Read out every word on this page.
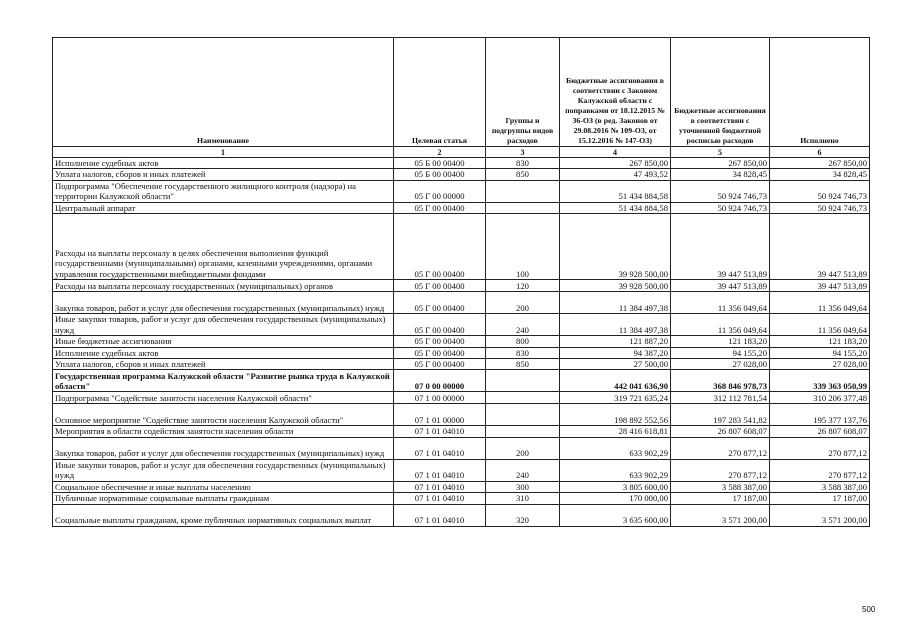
Наименование	Целевая статья	Группы и подгруппы видов расходов	Бюджетные ассигнования в соответствии с Законом Калужской области с поправками от 18.12.2015 № 36-ОЗ (в ред. Законов от 29.08.2016 № 109-ОЗ, от 15.12.2016 № 147-ОЗ)	Бюджетные ассигнования в соответствии с уточненной бюджетной росписью расходов	Исполнено
1	2	3	4	5	6
Исполнение судебных актов	05 Б 00 00400	830	267 850,00	267 850,00	267 850,00
Уплата налогов, сборов и иных платежей	05 Б 00 00400	850	47 493,52	34 828,45	34 828,45
Подпрограмма "Обеспечение государственного жилищного контроля (надзора) на территории Калужской области"	05 Г 00 00000		51 434 884,58	50 924 746,73	50 924 746,73
Центральный аппарат	05 Г 00 00400		51 434 884,58	50 924 746,73	50 924 746,73
Расходы на выплаты персоналу в целях обеспечения выполнения функций государственными (муниципальными) органами, казенными учреждениями, органами управления государственными внебюджетными фондами	05 Г 00 00400	100	39 928 500,00	39 447 513,89	39 447 513,89
Расходы на выплаты персоналу государственных (муниципальных) органов	05 Г 00 00400	120	39 928 500,00	39 447 513,89	39 447 513,89
Закупка товаров, работ и услуг для обеспечения государственных (муниципальных) нужд	05 Г 00 00400	200	11 384 497,38	11 356 049,64	11 356 049,64
Иные закупки товаров, работ и услуг для обеспечения государственных (муниципальных) нужд	05 Г 00 00400	240	11 384 497,38	11 356 049,64	11 356 049,64
Иные бюджетные ассигнования	05 Г 00 00400	800	121 887,20	121 183,20	121 183,20
Исполнение судебных актов	05 Г 00 00400	830	94 387,20	94 155,20	94 155,20
Уплата налогов, сборов и иных платежей	05 Г 00 00400	850	27 500,00	27 028,00	27 028,00
Государственная программа Калужской области "Развитие рынка труда в Калужской области"	07 0 00 00000		442 041 636,90	368 846 978,73	339 363 050,99
Подпрограмма "Содействие занятости населения Калужской области"	07 1 00 00000		319 721 635,24	312 112 781,54	310 206 377,48
Основное мероприятие "Содействие занятости населения Калужской области"	07 1 01 00000		198 892 552,56	197 283 541,82	195 377 137,76
Мероприятия в области содействия занятости населения области	07 1 01 04010		28 416 618,81	26 807 608,07	26 807 608,07
Закупка товаров, работ и услуг для обеспечения государственных (муниципальных) нужд	07 1 01 04010	200	633 902,29	270 877,12	270 877,12
Иные закупки товаров, работ и услуг для обеспечения государственных (муниципальных) нужд	07 1 01 04010	240	633 902,29	270 877,12	270 877,12
Социальное обеспечение и иные выплаты населению	07 1 01 04010	300	3 805 600,00	3 588 387,00	3 588 387,00
Публичные нормативные социальные выплаты гражданам	07 1 01 04010	310	170 000,00	17 187,00	17 187,00
Социальные выплаты гражданам, кроме публичных нормативных социальных выплат	07 1 01 04010	320	3 635 600,00	3 571 200,00	3 571 200,00
500
